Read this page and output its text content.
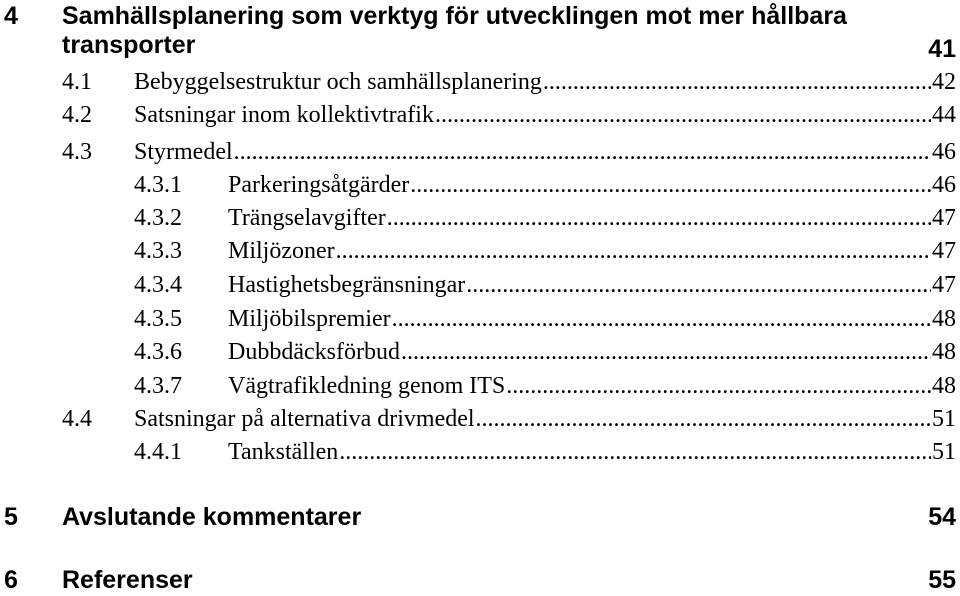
4 Samhällsplanering som verktyg för utvecklingen mot mer hållbara transporter	41
4.1	Bebyggelsestruktur och samhällsplanering .....	42
4.2	Satsningar inom kollektivtrafik .....	44
4.3	Styrmedel .....	46
4.3.1	Parkeringsåtgärder .....	46
4.3.2	Trängselavgifter .....	47
4.3.3	Miljözoner .....	47
4.3.4	Hastighetsbegränsningar .....	47
4.3.5	Miljöbilspremier .....	48
4.3.6	Dubbdäcksförbud .....	48
4.3.7	Vägtrafikledning genom ITS .....	48
4.4	Satsningar på alternativa drivmedel .....	51
4.4.1	Tankställen .....	51
5 Avslutande kommentarer	54
6 Referenser	55
